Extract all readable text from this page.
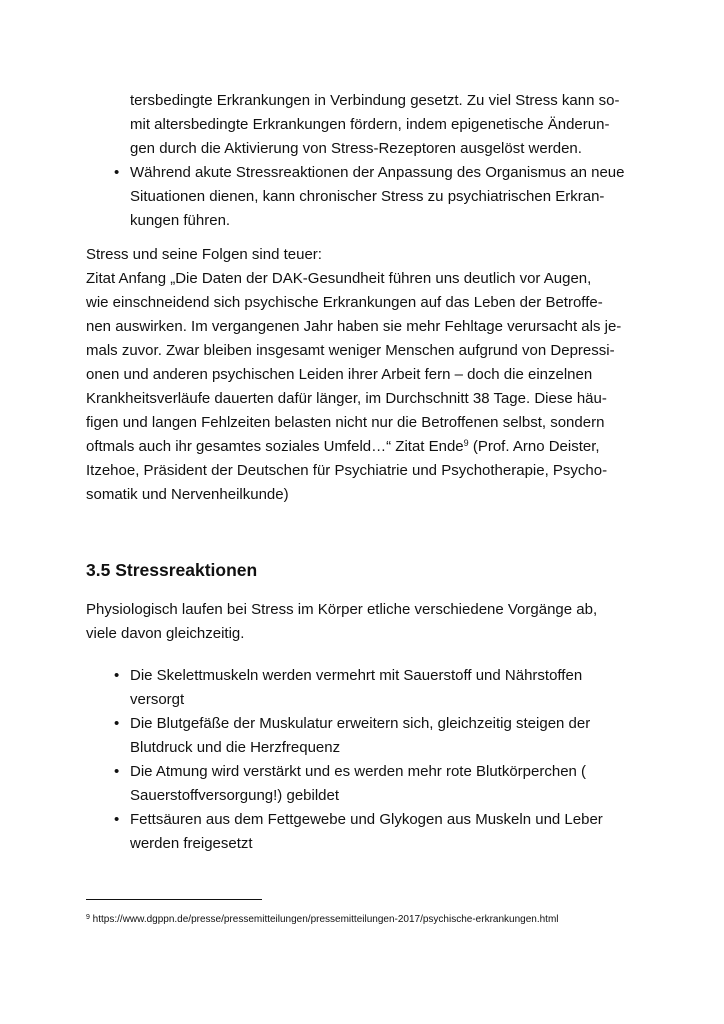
tersbedingte Erkrankungen in Verbindung gesetzt. Zu viel Stress kann so-
mit altersbedingte Erkrankungen fördern, indem epigenetische Änderun-
gen durch die Aktivierung von Stress-Rezeptoren ausgelöst werden.

• Während akute Stressreaktionen der Anpassung des Organismus an neue
Situationen dienen, kann chronischer Stress zu psychiatrischen Erkran-
kungen führen.

Stress und seine Folgen sind teuer:
Zitat Anfang „Die Daten der DAK-Gesundheit führen uns deutlich vor Augen,
wie einschneidend sich psychische Erkrankungen auf das Leben der Betroffe-
nen auswirken. Im vergangenen Jahr haben sie mehr Fehltage verursacht als je-
mals zuvor. Zwar bleiben insgesamt weniger Menschen aufgrund von Depressi-
onen und anderen psychischen Leiden ihrer Arbeit fern – doch die einzelnen
Krankheitsverläufe dauerten dafür länger, im Durchschnitt 38 Tage. Diese häu-
figen und langen Fehlzeiten belasten nicht nur die Betroffenen selbst, sondern
oftmals auch ihr gesamtes soziales Umfeld…“ Zitat Ende$^9$ (Prof. Arno Deister,
Itzehoe, Präsident der Deutschen für Psychiatrie und Psychotherapie, Psycho-
somatik und Nervenheilkunde)

3.5 Stressreaktionen

Physiologisch laufen bei Stress im Körper etliche verschiedene Vorgänge ab,
viele davon gleichzeitig.

• Die Skelettmuskeln werden vermehrt mit Sauerstoff und Nährstoffen
versorgt
• Die Blutgefäße der Muskulatur erweitern sich, gleichzeitig steigen der
Blutdruck und die Herzfrequenz
• Die Atmung wird verstärkt und es werden mehr rote Blutkörperchen (
Sauerstoffversorgung!) gebildet
• Fettsäuren aus dem Fettgewebe und Glykogen aus Muskeln und Leber
werden freigesetzt

$^9$ https://www.dgppn.de/presse/pressemitteilungen/pressemitteilungen-2017/psychische-erkrankungen.html
